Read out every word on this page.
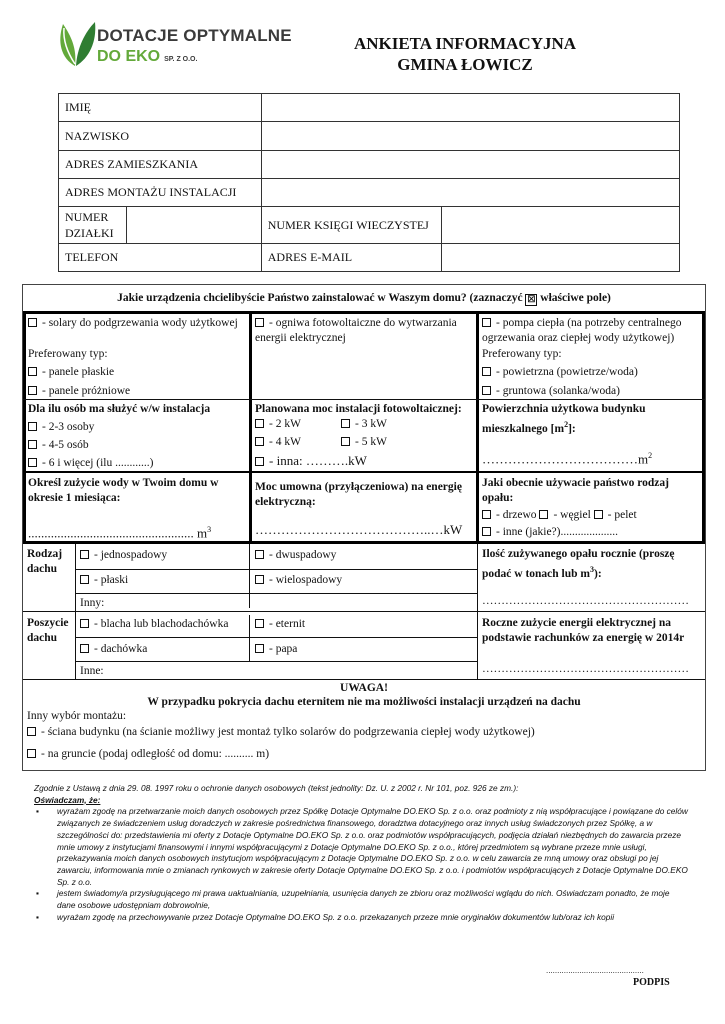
DOTACJE OPTYMALNE
DO EKO SP. Z O.O.
ANKIETA INFORMACYJNA
GMINA ŁOWICZ
IMIĘ			
NAZWISKO			
ADRES ZAMIESZKANIA			
ADRES MONTAŻU INSTALACJI			
NUMER DZIAŁKI		NUMER KSIĘGI WIECZYSTEJ	
TELEFON		ADRES E-MAIL	
Jakie urządzenia chcielibyście Państwo zainstalować w Waszym domu? (zaznaczyć ☒ właściwe pole)
- solary do podgrzewania wody użytkowej
Preferowany typ:
- panele płaskie
- panele próżniowe
- ogniwa fotowoltaiczne do wytwarzania energii elektrycznej
- pompa ciepła (na potrzeby centralnego ogrzewania oraz ciepłej wody użytkowej)
Preferowany typ:
- powietrzna (powietrze/woda)
- gruntowa (solanka/woda)
Dla ilu osób ma służyć w/w instalacja
- 2-3 osoby
- 4-5 osób
- 6 i więcej (ilu ............)
Planowana moc instalacji fotowoltaicznej:
- 2 kW	- 3 kW
- 4 kW	- 5 kW
- inna: ……….kW
Powierzchnia użytkowa budynku mieszkalnego $[m^2]$:
$\dots\dots\dots\dots\dots\dots\dots\dots\dots\dots\dots\dots m^2$
Określ zużycie wody w Twoim domu w okresie 1 miesiąca:
................................................... $m^3$
Moc umowna (przyłączeniowa) na energię elektryczną:
…………………………………..…kW
Jaki obecnie używacie państwo rodzaj opału:
- drzewo - węgiel - pelet
- inne (jakie?)....................
Rodzaj dachu
- jednospadowy	- dwuspadowy
- płaski	- wielospadowy
Inny:
Ilość zużywanego opału rocznie (proszę podać w tonach lub $m^3$):
………………………………………………
Poszycie dachu
- blacha lub blachodachówka	- eternit
- dachówka	- papa
Inne:
Roczne zużycie energii elektrycznej na podstawie rachunków za energię w 2014r
………………………………………………
UWAGA!
W przypadku pokrycia dachu eternitem nie ma możliwości instalacji urządzeń na dachu
Inny wybór montażu:
- ściana budynku (na ścianie możliwy jest montaż tylko solarów do podgrzewania ciepłej wody użytkowej)
- na gruncie (podaj odległość od domu: .......... m)
Zgodnie z Ustawą z dnia 29. 08. 1997 roku o ochronie danych osobowych (tekst jednolity: Dz. U. z 2002 r. Nr 101, poz. 926 ze zm.):
Oświadczam, że:
▪ wyrażam zgodę na przetwarzanie moich danych osobowych przez Spółkę Dotacje Optymalne DO.EKO Sp. z o.o. oraz podmioty z nią współpracujące i powiązane do celów związanych ze świadczeniem usług doradczych w zakresie pośrednictwa finansowego, doradztwa dotacyjnego oraz innych usług świadczonych przez Spółkę, a w szczególności do: przedstawienia mi oferty z Dotacje Optymalne DO.EKO Sp. z o.o. oraz podmiotów współpracujących, podjęcia działań niezbędnych do zawarcia przeze mnie umowy z instytucjami finansowymi i innymi współpracującymi z Dotacje Optymalne DO.EKO Sp. z o.o., której przedmiotem są wybrane przeze mnie usługi, przekazywania moich danych osobowych instytucjom współpracującym z Dotacje Optymalne DO.EKO Sp. z o.o. w celu zawarcia ze mną umowy oraz obsługi po jej zawarciu, informowania mnie o zmianach rynkowych w zakresie oferty Dotacje Optymalne DO.EKO Sp. z o.o. i podmiotów współpracujących z Dotacje Optymalne DO.EKO Sp. z o.o.
▪ jestem świadomy/a przysługującego mi prawa uaktualniania, uzupełniania, usunięcia danych ze zbioru oraz możliwości wglądu do nich. Oświadczam ponadto, że moje dane osobowe udostępniam dobrowolnie,
▪ wyrażam zgodę na przechowywanie przez Dotacje Optymalne DO.EKO Sp. z o.o. przekazanych przeze mnie oryginałów dokumentów lub/oraz ich kopii
............................................
PODPIS
